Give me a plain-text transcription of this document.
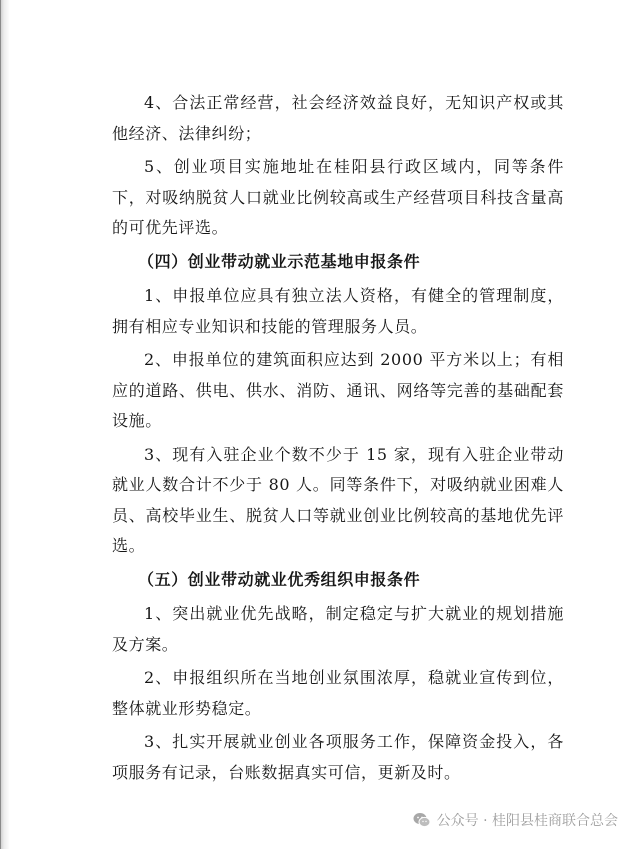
4、合法正常经营，社会经济效益良好，无知识产权或其他经济、法律纠纷；

5、创业项目实施地址在桂阳县行政区域内，同等条件下，对吸纳脱贫人口就业比例较高或生产经营项目科技含量高的可优先评选。

（四）创业带动就业示范基地申报条件

1、申报单位应具有独立法人资格，有健全的管理制度，拥有相应专业知识和技能的管理服务人员。

2、申报单位的建筑面积应达到 2000 平方米以上；有相应的道路、供电、供水、消防、通讯、网络等完善的基础配套设施。

3、现有入驻企业个数不少于 15 家，现有入驻企业带动就业人数合计不少于 80 人。同等条件下，对吸纳就业困难人员、高校毕业生、脱贫人口等就业创业比例较高的基地优先评选。

（五）创业带动就业优秀组织申报条件

1、突出就业优先战略，制定稳定与扩大就业的规划措施及方案。

2、申报组织所在当地创业氛围浓厚，稳就业宣传到位，整体就业形势稳定。

3、扎实开展就业创业各项服务工作，保障资金投入，各项服务有记录，台账数据真实可信，更新及时。

公众号 · 桂阳县桂商联合总会
